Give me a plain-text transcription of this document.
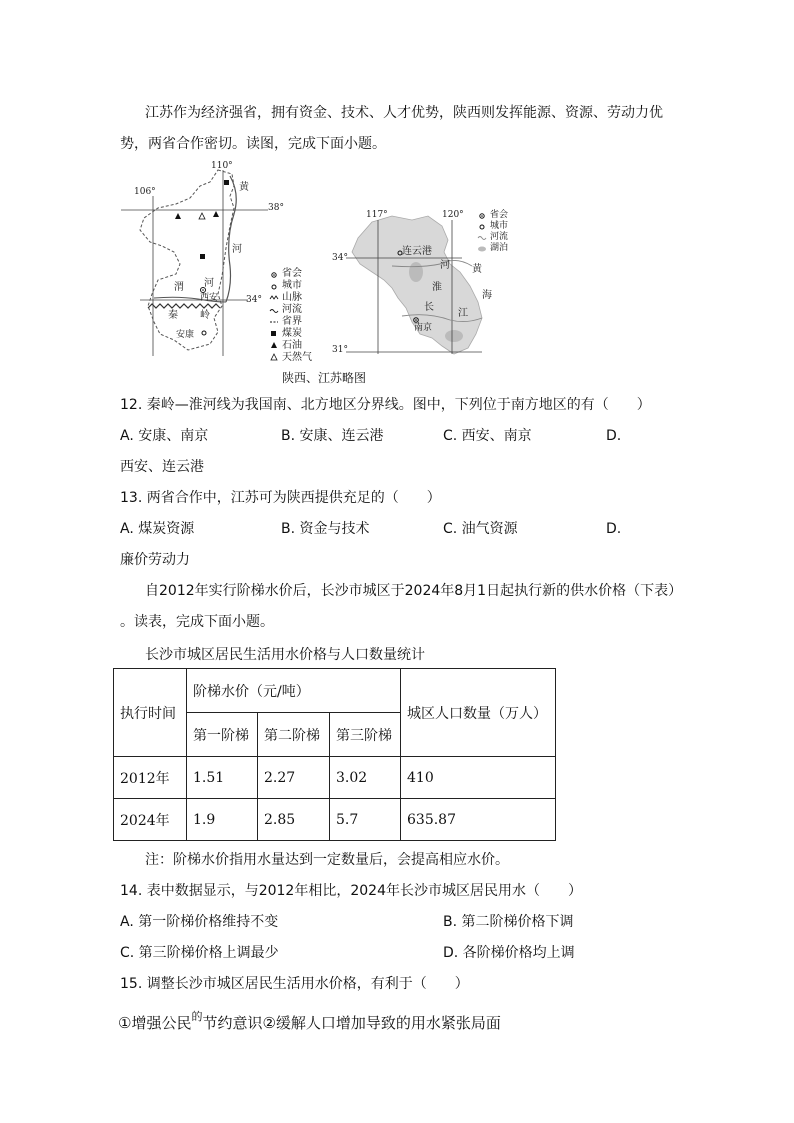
江苏作为经济强省，拥有资金、技术、人才优势，陕西则发挥能源、资源、劳动力优
势，两省合作密切。读图，完成下面小题。
110°
106°
38°
34°
黄
河
渭 河
西安
秦 岭
安康
省会
城市
山脉
河流
省界
煤炭
石油
天然气
117°	120°
34°
31°
连云港
河 黄
淮
海
长
江
南京
省会
城市
河流
湖泊
陕西、江苏略图
12. 秦岭—淮河线为我国南、北方地区分界线。图中，下列位于南方地区的有（　　）
A. 安康、南京	B. 安康、连云港	C. 西安、南京	D.
西安、连云港
13. 两省合作中，江苏可为陕西提供充足的（　　）
A. 煤炭资源	B. 资金与技术	C. 油气资源	D.
廉价劳动力
自2012年实行阶梯水价后，长沙市城区于2024年8月1日起执行新的供水价格（下表）
。读表，完成下面小题。
长沙市城区居民生活用水价格与人口数量统计
执行时间	阶梯水价（元/吨）			城区人口数量（万人）
	第一阶梯	第二阶梯	第三阶梯	
2012年	1.51	2.27	3.02	410
2024年	1.9	2.85	5.7	635.87
注：阶梯水价指用水量达到一定数量后，会提高相应水价。
14. 表中数据显示，与2012年相比，2024年长沙市城区居民用水（　　）
A. 第一阶梯价格维持不变	B. 第二阶梯价格下调
C. 第三阶梯价格上调最少	D. 各阶梯价格均上调
15. 调整长沙市城区居民生活用水价格，有利于（　　）
①增强公民$^的$节约意识②缓解人口增加导致的用水紧张局面
